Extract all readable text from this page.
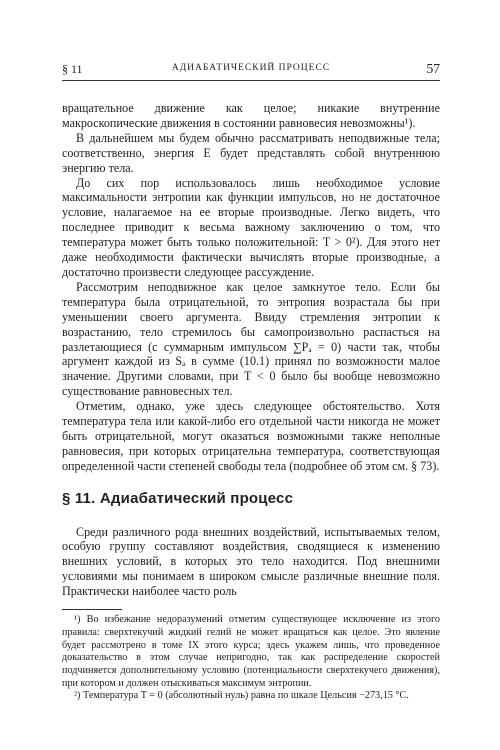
§ 11	АДИАБАТИЧЕСКИЙ ПРОЦЕСС	57

вращательное движение как целое; никакие внутренние макроскопические движения в состоянии равновесия невозможны¹).

В дальнейшем мы будем обычно рассматривать неподвижные тела; соответственно, энергия E будет представлять собой внутреннюю энергию тела.

До сих пор использовалось лишь необходимое условие максимальности энтропии как функции импульсов, но не достаточное условие, налагаемое на ее вторые производные. Легко видеть, что последнее приводит к весьма важному заключению о том, что температура может быть только положительной: T > 0²). Для этого нет даже необходимости фактически вычислять вторые производные, а достаточно произвести следующее рассуждение.

Рассмотрим неподвижное как целое замкнутое тело. Если бы температура была отрицательной, то энтропия возрастала бы при уменьшении своего аргумента. Ввиду стремления энтропии к возрастанию, тело стремилось бы самопроизвольно распасться на разлетающиеся (с суммарным импульсом ∑Pₐ = 0) части так, чтобы аргумент каждой из Sₐ в сумме (10.1) принял по возможности малое значение. Другими словами, при T < 0 было бы вообще невозможно существование равновесных тел.

Отметим, однако, уже здесь следующее обстоятельство. Хотя температура тела или какой-либо его отдельной части никогда не может быть отрицательной, могут оказаться возможными также неполные равновесия, при которых отрицательна температура, соответствующая определенной части степеней свободы тела (подробнее об этом см. § 73).

§ 11. Адиабатический процесс

Среди различного рода внешних воздействий, испытываемых телом, особую группу составляют воздействия, сводящиеся к изменению внешних условий, в которых это тело находится. Под внешними условиями мы понимаем в широком смысле различные внешние поля. Практически наиболее часто роль

¹) Во избежание недоразумений отметим существующее исключение из этого правила: сверхтекучий жидкий гелий не может вращаться как целое. Это явление будет рассмотрено в томе IX этого курса; здесь укажем лишь, что проведенное доказательство в этом случае непригодно, так как распределение скоростей подчиняется дополнительному условию (потенциальности сверхтекучего движения), при котором и должен отыскиваться максимум энтропии.

²) Температура T = 0 (абсолютный нуль) равна по шкале Цельсия −273,15 °C.
